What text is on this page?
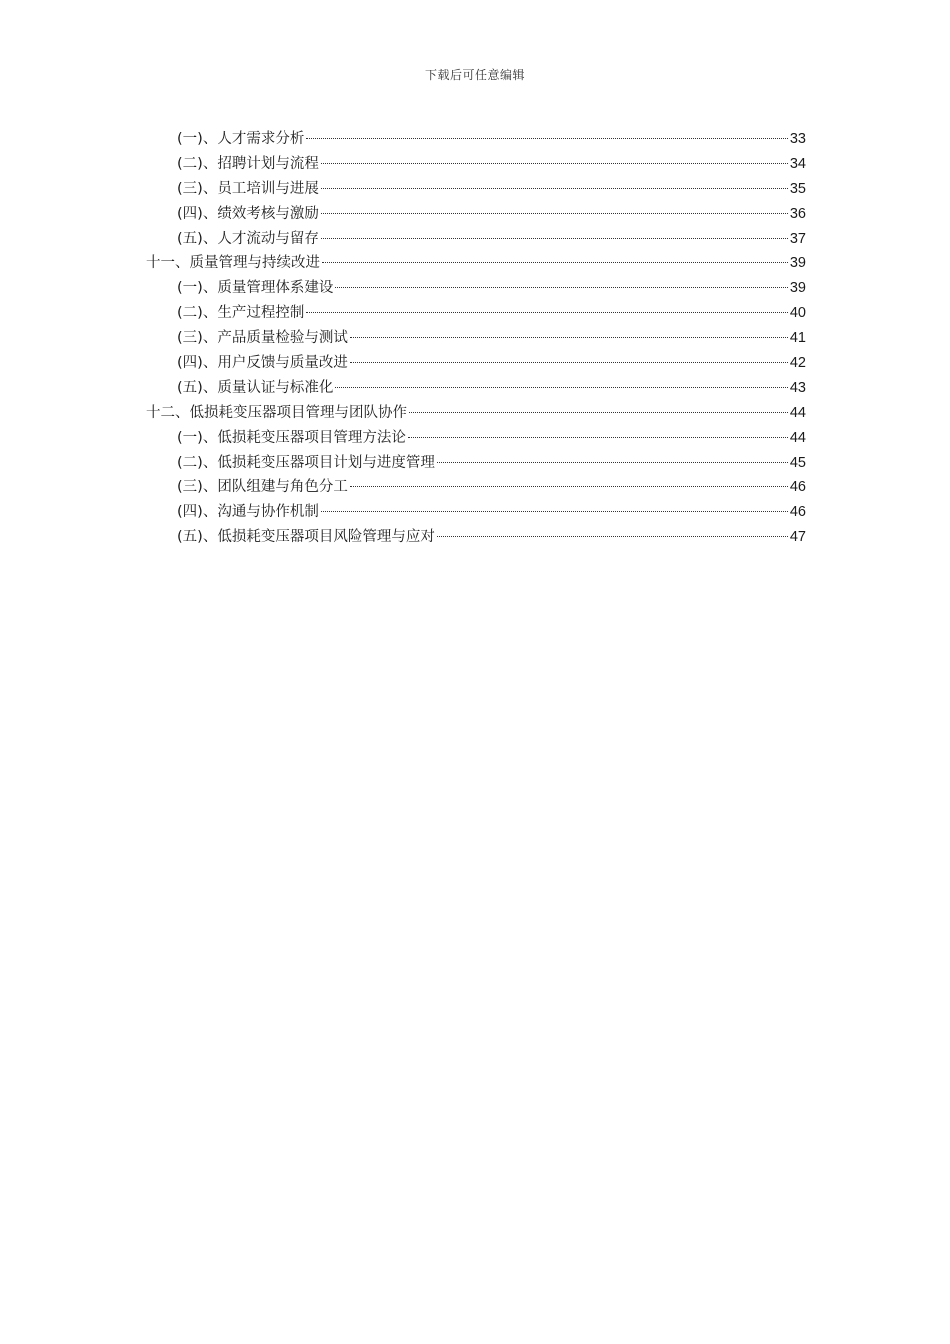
下载后可任意编辑
(一)、人才需求分析	33
(二)、招聘计划与流程	34
(三)、员工培训与进展	35
(四)、绩效考核与激励	36
(五)、人才流动与留存	37
十一、质量管理与持续改进	39
(一)、质量管理体系建设	39
(二)、生产过程控制	40
(三)、产品质量检验与测试	41
(四)、用户反馈与质量改进	42
(五)、质量认证与标准化	43
十二、低损耗变压器项目管理与团队协作	44
(一)、低损耗变压器项目管理方法论	44
(二)、低损耗变压器项目计划与进度管理	45
(三)、团队组建与角色分工	46
(四)、沟通与协作机制	46
(五)、低损耗变压器项目风险管理与应对	47
